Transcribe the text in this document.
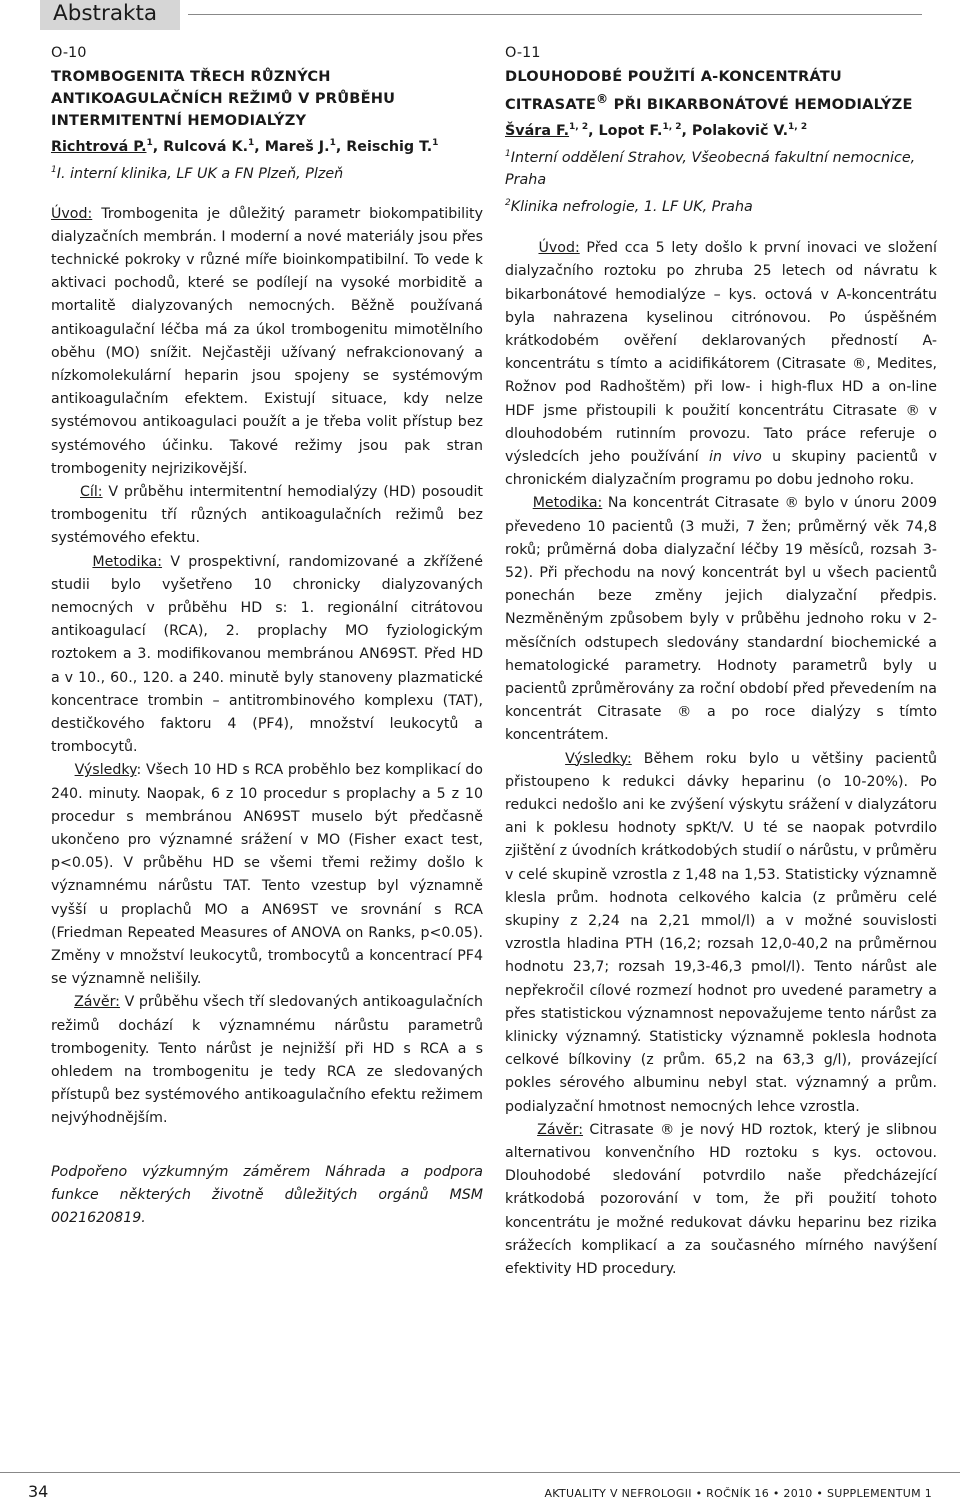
Abstrakta

O-10

TROMBOGENITA TŘECH RŮZNÝCH ANTIKOAGULAČNÍCH REŽIMŮ V PRŮBĚHU INTERMITENTNÍ HEMODIALÝZY

Richtrová P.$^1$, Rulcová K.$^1$, Mareš J.$^1$, Reischig T.$^1$

$^1$I. interní klinika, LF UK a FN Plzeň, Plzeň

Úvod: Trombogenita je důležitý parametr biokompatibility dialyzačních membrán. I moderní a nové materiály jsou přes technické pokroky v různé míře bioinkompatibilní. To vede k aktivaci pochodů, které se podílejí na vysoké morbiditě a mortalitě dialyzovaných nemocných. Běžně používaná antikoagulační léčba má za úkol trombogenitu mimotělního oběhu (MO) snížit. Nejčastěji užívaný nefrakcionovaný a nízkomolekulární heparin jsou spojeny se systémovým antikoagulačním efektem. Existují situace, kdy nelze systémovou antikoagulaci použít a je třeba volit přístup bez systémového účinku. Takové režimy jsou pak stran trombogenity nejrizikovější.

Cíl: V průběhu intermitentní hemodialýzy (HD) posoudit trombogenitu tří různých antikoagulačních režimů bez systémového efektu.

Metodika: V prospektivní, randomizované a zkřížené studii bylo vyšetřeno 10 chronicky dialyzovaných nemocných v průběhu HD s: 1. regionální citrátovou antikoagulací (RCA), 2. proplachy MO fyziologickým roztokem a 3. modifikovanou membránou AN69ST. Před HD a v 10., 60., 120. a 240. minutě byly stanoveny plazmatické koncentrace trombin – antitrombinového komplexu (TAT), destičkového faktoru 4 (PF4), množství leukocytů a trombocytů.

Výsledky: Všech 10 HD s RCA proběhlo bez komplikací do 240. minuty. Naopak, 6 z 10 procedur s proplachy a 5 z 10 procedur s membránou AN69ST muselo být předčasně ukončeno pro významné srážení v MO (Fisher exact test, p<0.05). V průběhu HD se všemi třemi režimy došlo k významnému nárůstu TAT. Tento vzestup byl významně vyšší u proplachů MO a AN69ST ve srovnání s RCA (Friedman Repeated Measures of ANOVA on Ranks, p<0.05). Změny v množství leukocytů, trombocytů a koncentrací PF4 se významně nelišily.

Závěr: V průběhu všech tří sledovaných antikoagulačních režimů dochází k významnému nárůstu parametrů trombogenity. Tento nárůst je nejnižší při HD s RCA a s ohledem na trombogenitu je tedy RCA ze sledovaných přístupů bez systémového antikoagulačního efektu režimem nejvýhodnějším.

Podpořeno výzkumným záměrem Náhrada a podpora funkce některých životně důležitých orgánů MSM 0021620819.

O-11

DLOUHODOBÉ POUŽITÍ A-KONCENTRÁTU CITRASATE® PŘI BIKARBONÁTOVÉ HEMODIALÝZE

Švára F.$^{1, 2}$, Lopot F.$^{1, 2}$, Polakovič V.$^{1, 2}$

$^1$Interní oddělení Strahov, Všeobecná fakultní nemocnice, Praha

$^2$Klinika nefrologie, 1. LF UK, Praha

Úvod: Před cca 5 lety došlo k první inovaci ve složení dialyzačního roztoku po zhruba 25 letech od návratu k bikarbonátové hemodialýze – kys. octová v A-koncentrátu byla nahrazena kyselinou citrónovou. Po úspěšném krátkodobém ověření deklarovaných předností A-koncentrátu s tímto a acidifikátorem (Citrasate ®, Medites, Rožnov pod Radhoštěm) při low- i high-flux HD a on-line HDF jsme přistoupili k použití koncentrátu Citrasate ® v dlouhodobém rutinním provozu. Tato práce referuje o výsledcích jeho používání in vivo u skupiny pacientů v chronickém dialyzačním programu po dobu jednoho roku.

Metodika: Na koncentrát Citrasate ® bylo v únoru 2009 převedeno 10 pacientů (3 muži, 7 žen; průměrný věk 74,8 roků; průměrná doba dialyzační léčby 19 měsíců, rozsah 3-52). Při přechodu na nový koncentrát byl u všech pacientů ponechán beze změny jejich dialyzační předpis. Nezměněným způsobem byly v průběhu jednoho roku v 2-měsíčních odstupech sledovány standardní biochemické a hematologické parametry. Hodnoty parametrů byly u pacientů zprůměrovány za roční období před převedením na koncentrát Citrasate ® a po roce dialýzy s tímto koncentrátem.

Výsledky: Během roku bylo u většiny pacientů přistoupeno k redukci dávky heparinu (o 10-20%). Po redukci nedošlo ani ke zvýšení výskytu srážení v dialyzátoru ani k poklesu hodnoty spKt/V. U té se naopak potvrdilo zjištění z úvodních krátkodobých studií o nárůstu, v průměru v celé skupině vzrostla z 1,48 na 1,53. Statisticky významně klesla prům. hodnota celkového kalcia (z průměru celé skupiny z 2,24 na 2,21 mmol/l) a v možné souvislosti vzrostla hladina PTH (16,2; rozsah 12,0-40,2 na průměrnou hodnotu 23,7; rozsah 19,3-46,3 pmol/l). Tento nárůst ale nepřekročil cílové rozmezí hodnot pro uvedené parametry a přes statistickou významnost nepovažujeme tento nárůst za klinicky významný. Statisticky významně poklesla hodnota celkové bílkoviny (z prům. 65,2 na 63,3 g/l), provázející pokles sérového albuminu nebyl stat. významný a prům. podialyzační hmotnost nemocných lehce vzrostla.

Závěr: Citrasate ® je nový HD roztok, který je slibnou alternativou konvenčního HD roztoku s kys. octovou. Dlouhodobé sledování potvrdilo naše předcházející krátkodobá pozorování v tom, že při použití tohoto koncentrátu je možné redukovat dávku heparinu bez rizika srážecích komplikací a za současného mírného navýšení efektivity HD procedury.

34	AKTUALITY V NEFROLOGII • ROČNÍK 16 • 2010 • SUPPLEMENTUM 1
